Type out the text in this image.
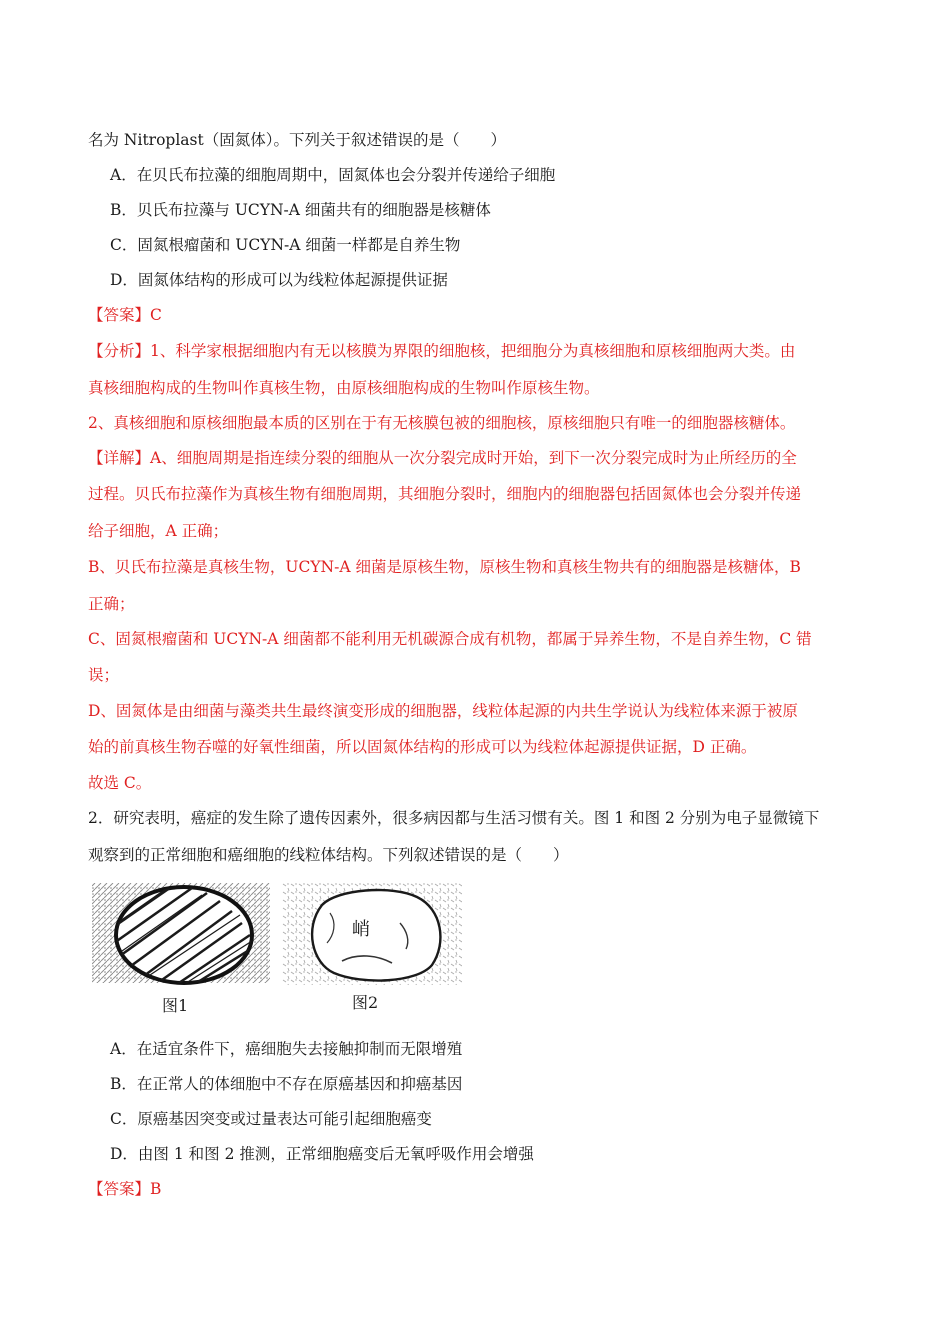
名为 Nitroplast（固氮体）。下列关于叙述错误的是（　　）
A．在贝氏布拉藻的细胞周期中，固氮体也会分裂并传递给子细胞
B．贝氏布拉藻与 UCYN-A 细菌共有的细胞器是核糖体
C．固氮根瘤菌和 UCYN-A 细菌一样都是自养生物
D．固氮体结构的形成可以为线粒体起源提供证据
【答案】C
【分析】1、科学家根据细胞内有无以核膜为界限的细胞核，把细胞分为真核细胞和原核细胞两大类。由
真核细胞构成的生物叫作真核生物，由原核细胞构成的生物叫作原核生物。
2、真核细胞和原核细胞最本质的区别在于有无核膜包被的细胞核，原核细胞只有唯一的细胞器核糖体。
【详解】A、细胞周期是指连续分裂的细胞从一次分裂完成时开始，到下一次分裂完成时为止所经历的全
过程。贝氏布拉藻作为真核生物有细胞周期，其细胞分裂时，细胞内的细胞器包括固氮体也会分裂并传递
给子细胞，A 正确；
B、贝氏布拉藻是真核生物，UCYN-A 细菌是原核生物，原核生物和真核生物共有的细胞器是核糖体，B
正确；
C、固氮根瘤菌和 UCYN-A 细菌都不能利用无机碳源合成有机物，都属于异养生物，不是自养生物，C 错
误；
D、固氮体是由细菌与藻类共生最终演变形成的细胞器，线粒体起源的内共生学说认为线粒体来源于被原
始的前真核生物吞噬的好氧性细菌，所以固氮体结构的形成可以为线粒体起源提供证据，D 正确。
故选 C。
2．研究表明，癌症的发生除了遗传因素外，很多病因都与生活习惯有关。图 1 和图 2 分别为电子显微镜下
观察到的正常细胞和癌细胞的线粒体结构。下列叙述错误的是（　　）
图1
峭
图2
A．在适宜条件下，癌细胞失去接触抑制而无限增殖
B．在正常人的体细胞中不存在原癌基因和抑癌基因
C．原癌基因突变或过量表达可能引起细胞癌变
D．由图 1 和图 2 推测，正常细胞癌变后无氧呼吸作用会增强
【答案】B
